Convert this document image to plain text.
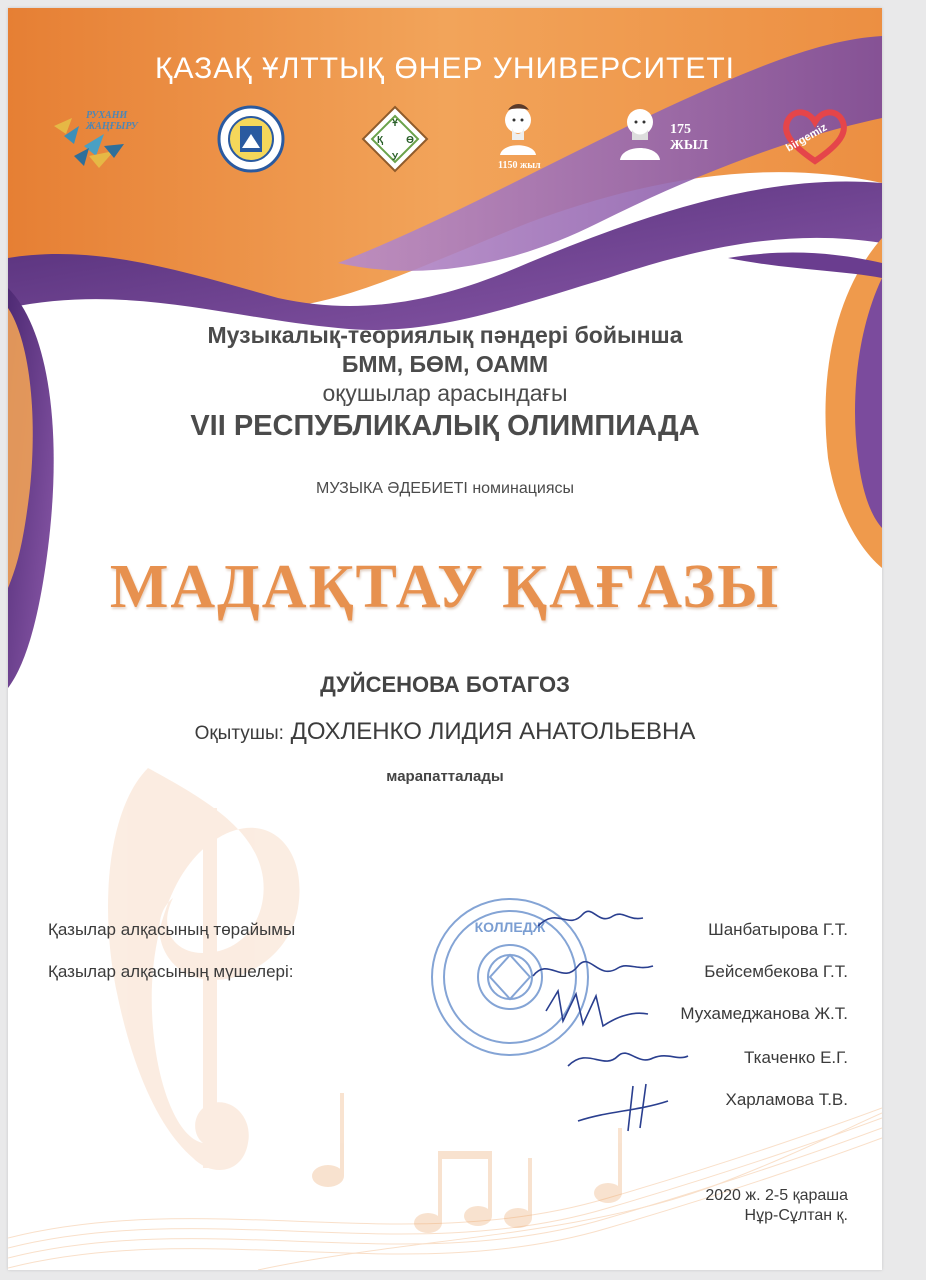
ҚАЗАҚ ҰЛТТЫҚ ӨНЕР УНИВЕРСИТЕТІ
РУХАНИ ЖАҢҒЫРУ	Ұ
Қ Ө
У
1150 жыл
175 ЖЫЛ	birgemiz
Музыкалық-теориялық пәндері бойынша
БММ, БӨМ, ОАММ
оқушылар арасындағы
VII РЕСПУБЛИКАЛЫҚ ОЛИМПИАДА
МУЗЫКА ӘДЕБИЕТІ номинациясы
МАДАҚТАУ ҚАҒАЗЫ
ДУЙСЕНОВА БОТАГОЗ
Оқытушы: ДОХЛЕНКО ЛИДИЯ АНАТОЛЬЕВНА
марапатталады
Қазылар алқасының төрайымы
Қазылар алқасының мүшелері:
КОЛЛЕДЖ	Шанбатырова Г.Т.
Бейсембекова Г.Т.
Мухамеджанова Ж.Т.
Ткаченко Е.Г.
Харламова Т.В.
2020 ж. 2-5 қараша
Нұр-Сұлтан қ.
